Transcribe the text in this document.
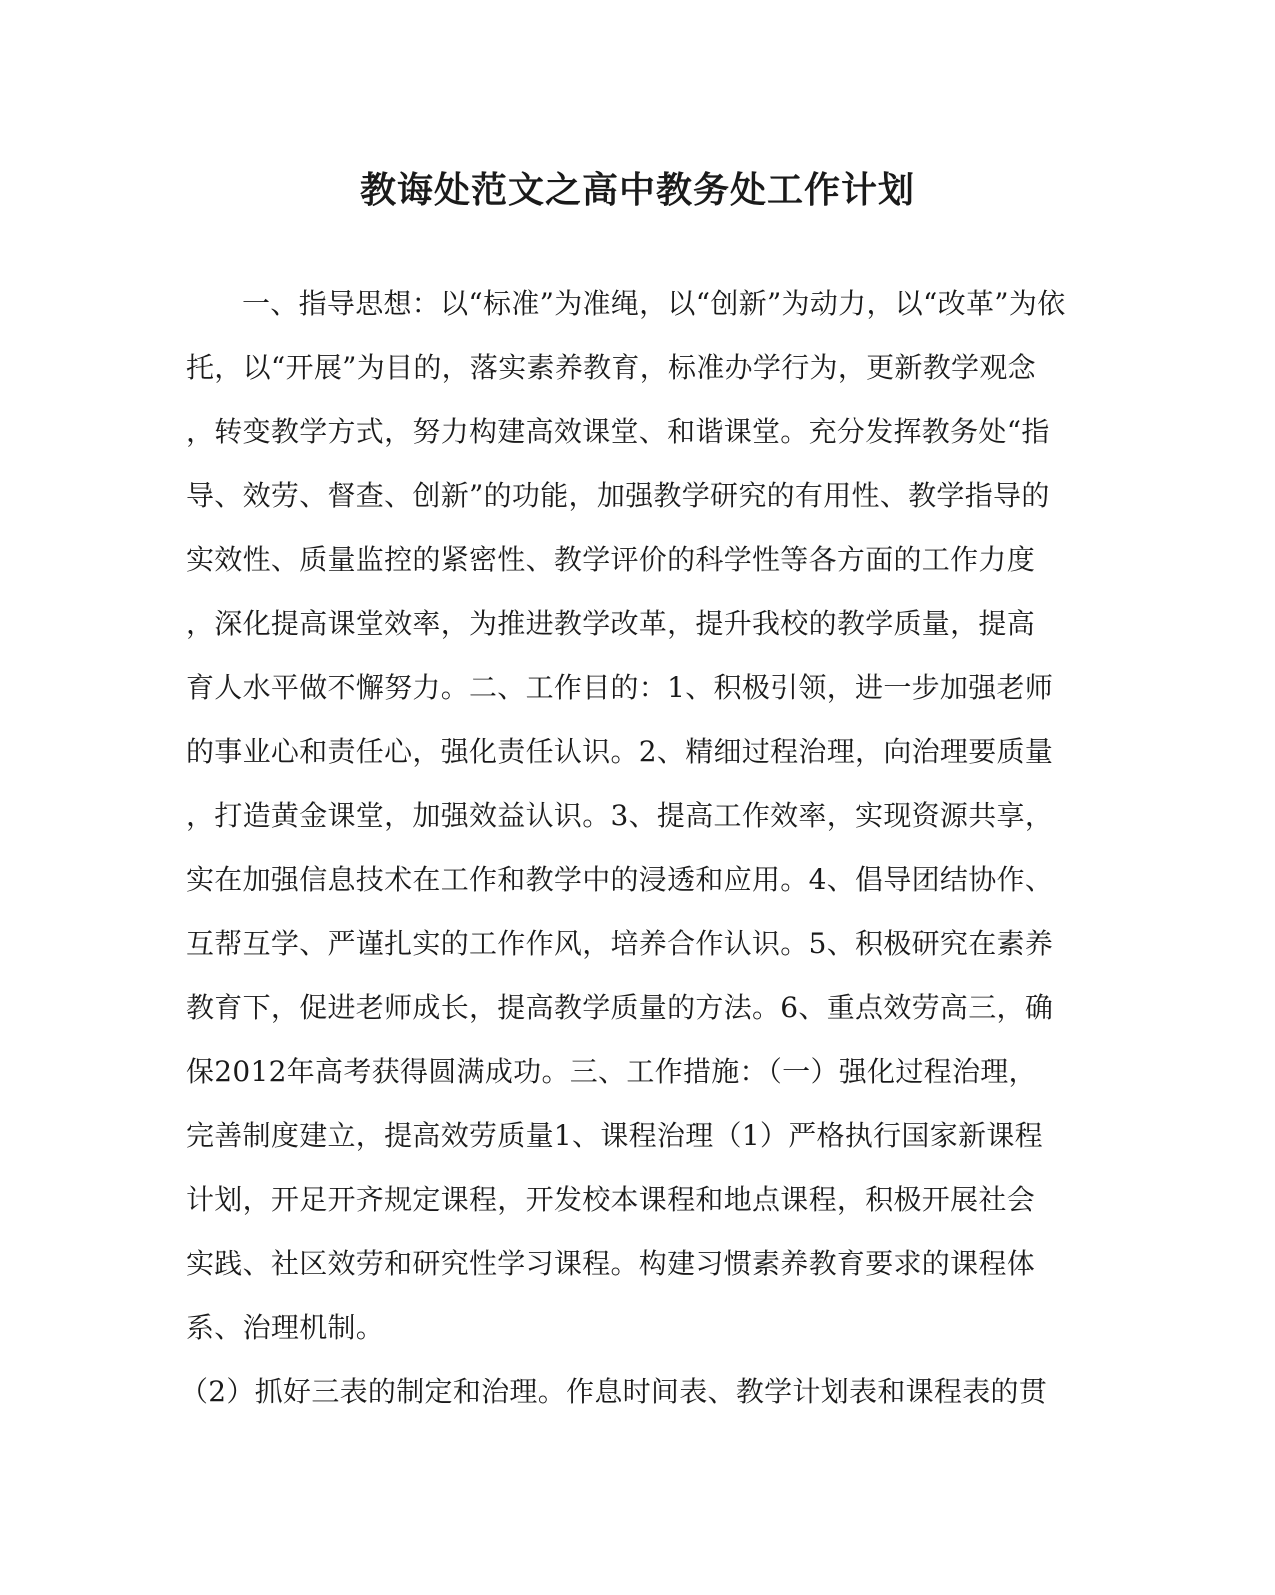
教诲处范文之高中教务处工作计划
一、指导思想：以“标准”为准绳，以“创新”为动力，以“改革”为依
托，以“开展”为目的，落实素养教育，标准办学行为，更新教学观念
，转变教学方式，努力构建高效课堂、和谐课堂。充分发挥教务处“指
导、效劳、督查、创新”的功能，加强教学研究的有用性、教学指导的
实效性、质量监控的紧密性、教学评价的科学性等各方面的工作力度
，深化提高课堂效率，为推进教学改革，提升我校的教学质量，提高
育人水平做不懈努力。二、工作目的：1、积极引领，进一步加强老师
的事业心和责任心，强化责任认识。2、精细过程治理，向治理要质量
，打造黄金课堂，加强效益认识。3、提高工作效率，实现资源共享，
实在加强信息技术在工作和教学中的浸透和应用。4、倡导团结协作、
互帮互学、严谨扎实的工作作风，培养合作认识。5、积极研究在素养
教育下，促进老师成长，提高教学质量的方法。6、重点效劳高三，确
保2012年高考获得圆满成功。三、工作措施：（一）强化过程治理，
完善制度建立，提高效劳质量1、课程治理（1）严格执行国家新课程
计划，开足开齐规定课程，开发校本课程和地点课程，积极开展社会
实践、社区效劳和研究性学习课程。构建习惯素养教育要求的课程体
系、治理机制。
（2）抓好三表的制定和治理。作息时间表、教学计划表和课程表的贯
